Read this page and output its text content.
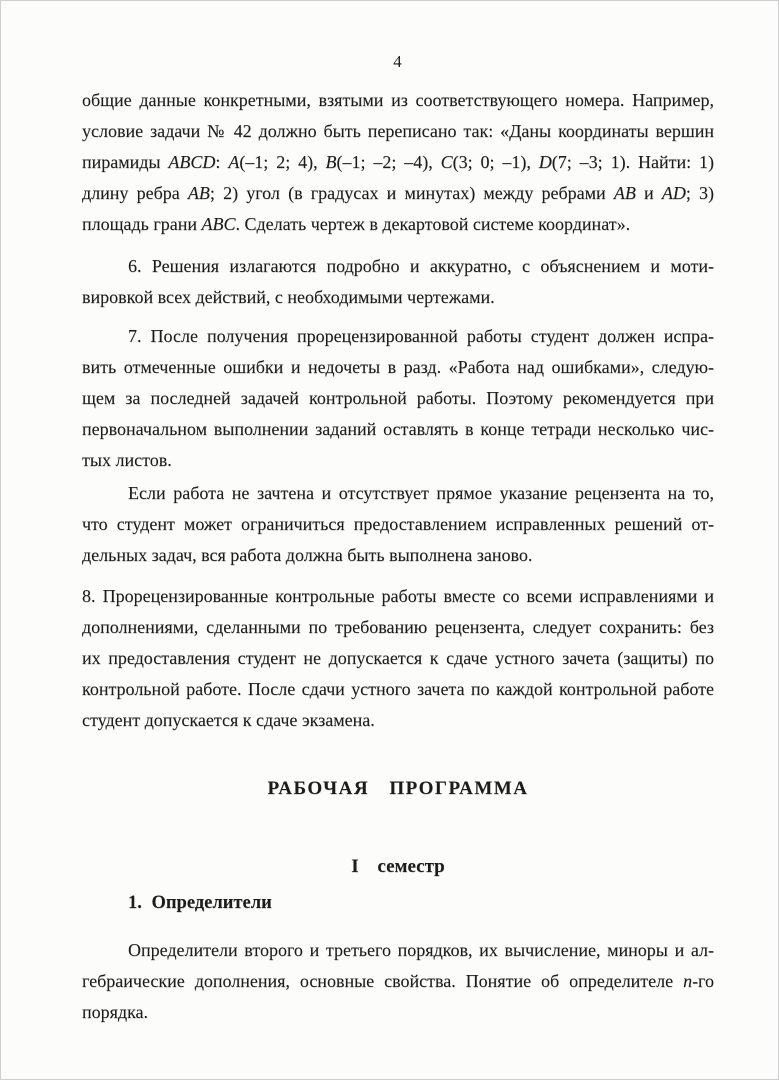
4
общие данные конкретными, взятыми из соответствующего номера. Например,
условие задачи № 42 должно быть переписано так: «Даны координаты вершин
пирамиды ABCD: A(–1; 2; 4), B(–1; –2; –4), C(3; 0; –1), D(7; –3; 1). Найти: 1)
длину ребра AB; 2) угол (в градусах и минутах) между ребрами AB и AD; 3)
площадь грани ABC. Сделать чертеж в декартовой системе координат».
6. Решения излагаются подробно и аккуратно, с объяснением и моти-
вировкой всех действий, с необходимыми чертежами.
7. После получения прорецензированной работы студент должен испра-
вить отмеченные ошибки и недочеты в разд. «Работа над ошибками», следую-
щем за последней задачей контрольной работы. Поэтому рекомендуется при
первоначальном выполнении заданий оставлять в конце тетради несколько чис-
тых листов.
Если работа не зачтена и отсутствует прямое указание рецензента на то,
что студент может ограничиться предоставлением исправленных решений от-
дельных задач, вся работа должна быть выполнена заново.
8. Прорецензированные контрольные работы вместе со всеми исправлениями и
дополнениями, сделанными по требованию рецензента, следует сохранить: без
их предоставления студент не допускается к сдаче устного зачета (защиты) по
контрольной работе. После сдачи устного зачета по каждой контрольной работе
студент допускается к сдаче экзамена.
РАБОЧАЯ ПРОГРАММА
I семестр
1. Определители
Определители второго и третьего порядков, их вычисление, миноры и ал-
гебраические дополнения, основные свойства. Понятие об определителе n-го
порядка.
